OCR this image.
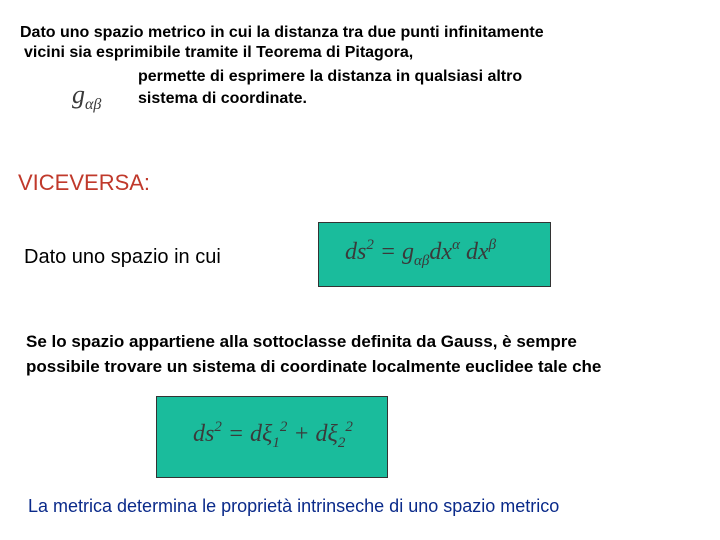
Dato uno spazio metrico in cui la distanza tra due punti infinitamente
vicini sia esprimibile tramite il Teorema di Pitagora,
permette di esprimere la distanza in qualsiasi altro
sistema di coordinate.
$g_{\alpha\beta}$
VICEVERSA:
Dato uno spazio in cui	$ds^2 = g_{\alpha\beta}dx^\alpha$ $dx^\beta$
Se lo spazio appartiene alla sottoclasse definita da Gauss, è sempre
possibile trovare un sistema di coordinate localmente euclidee tale che
$ds^2 = d\xi_1^2 + d\xi_2^2$
La metrica determina le proprietà intrinseche di uno spazio metrico
